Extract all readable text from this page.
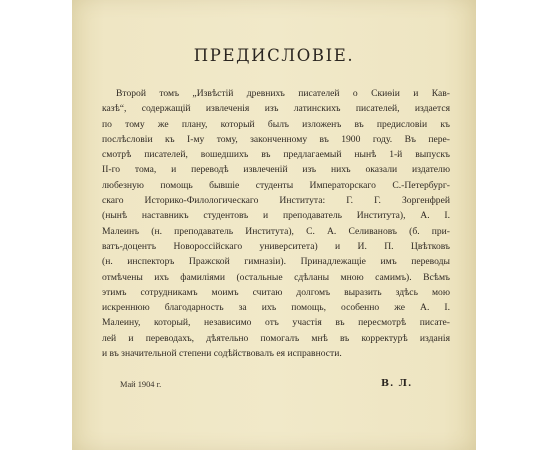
ПРЕДИСЛОВІЕ.
Второй томъ „Извѣстій древнихъ писателей о Скиѳіи и Кав-
казѣ“, содержащій извлеченія изъ латинскихъ писателей, издается
по тому же плану, который былъ изложенъ въ предисловіи къ
послѣсловіи къ I-му тому, законченному въ 1900 году. Въ пере-
смотрѣ писателей, вошедшихъ въ предлагаемый нынѣ 1-й выпускъ
II-го тома, и переводѣ извлеченій изъ нихъ оказали издателю
любезную помощь бывшіе студенты Императорскаго С.-Петербург-
скаго Историко-Филологическаго Института: Г. Г. Зоргенфрей
(нынѣ наставникъ студентовъ и преподаватель Института), А. I.
Малеинъ (н. преподаватель Института), С. А. Селивановъ (б. при-
ватъ-доцентъ Новороссійскаго университета) и И. П. Цвѣтковъ
(н. инспекторъ Пражской гимназіи). Принадлежащіе имъ переводы
отмѣчены ихъ фамиліями (остальные сдѣланы мною самимъ). Всѣмъ
этимъ сотрудникамъ моимъ считаю долгомъ выразить здѣсь мою
искреннюю благодарность за ихъ помощь, особенно же А. I.
Малеину, который, независимо отъ участія въ пересмотрѣ писате-
лей и переводахъ, дѣятельно помогалъ мнѣ въ корректурѣ изданія
и въ значительной степени содѣйствовалъ ея исправности.
Май 1904 г.	В. Л.
